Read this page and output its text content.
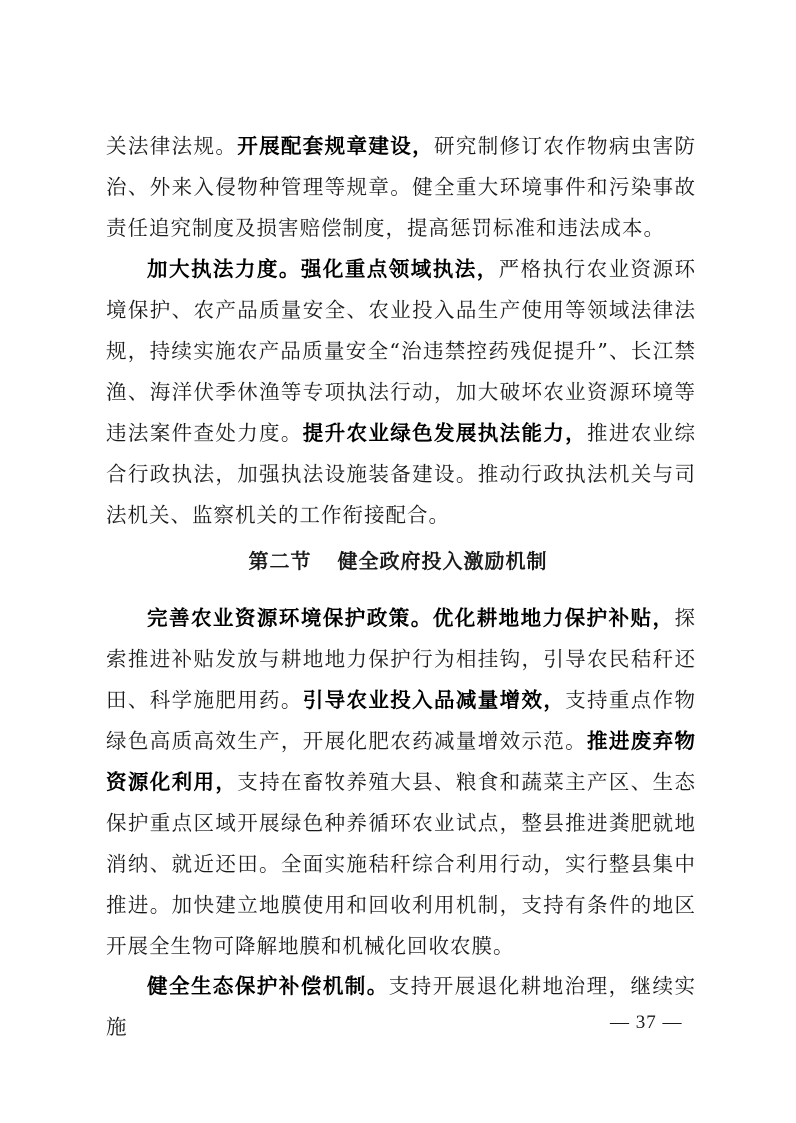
关法律法规。开展配套规章建设，研究制修订农作物病虫害防治、外来入侵物种管理等规章。健全重大环境事件和污染事故责任追究制度及损害赔偿制度，提高惩罚标准和违法成本。

加大执法力度。强化重点领域执法，严格执行农业资源环境保护、农产品质量安全、农业投入品生产使用等领域法律法规，持续实施农产品质量安全“治违禁控药残促提升”、长江禁渔、海洋伏季休渔等专项执法行动，加大破坏农业资源环境等违法案件查处力度。提升农业绿色发展执法能力，推进农业综合行政执法，加强执法设施装备建设。推动行政执法机关与司法机关、监察机关的工作衔接配合。

第二节 健全政府投入激励机制

完善农业资源环境保护政策。优化耕地地力保护补贴，探索推进补贴发放与耕地地力保护行为相挂钩，引导农民秸秆还田、科学施肥用药。引导农业投入品减量增效，支持重点作物绿色高质高效生产，开展化肥农药减量增效示范。推进废弃物资源化利用，支持在畜牧养殖大县、粮食和蔬菜主产区、生态保护重点区域开展绿色种养循环农业试点，整县推进粪肥就地消纳、就近还田。全面实施秸秆综合利用行动，实行整县集中推进。加快建立地膜使用和回收利用机制，支持有条件的地区开展全生物可降解地膜和机械化回收农膜。

健全生态保护补偿机制。支持开展退化耕地治理，继续实施	— 37 —
